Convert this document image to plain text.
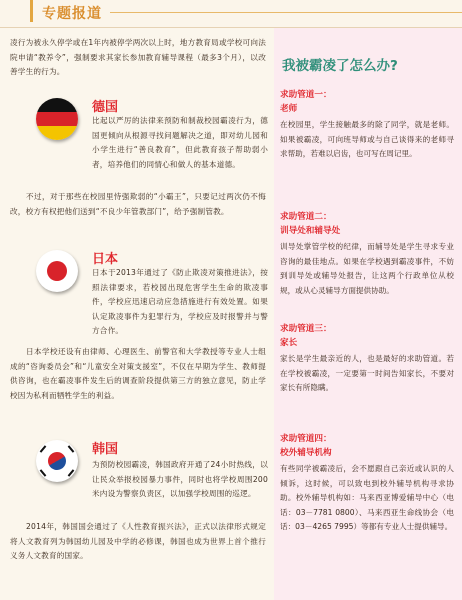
专题报道
凌行为被永久停学或在1年内被停学两次以上时，地方教育局或学校可向法院申请“教养令”，强制要求其家长参加教育辅导课程（最多3个月），以改善学生的行为。
德国
比起以严厉的法律来预防和制裁校园霸凌行为，德国更倾向从根源寻找问题解决之道，即对幼儿园和小学生进行“善良教育”，但此教育孩子帮助弱小者，培养他们的同情心和做人的基本道德。
不过，对于那些在校园里恃强欺弱的“小霸王”，只要记过两次仍不悔改，校方有权把他们送到“不良少年管教部门”，给予强制管教。
日本
日本于2013年通过了《防止欺凌对策推进法》，按照法律要求，若校园出现危害学生生命的欺凌事件，学校应迅速启动应急措施进行有效处置。如果认定欺凌事件为犯罪行为，学校应及时报警并与警方合作。
日本学校还设有由律师、心理医生、前警官和大学教授等专业人士组成的“咨询委员会”和“儿童安全对策支援室”，不仅在早期为学生、教师提供咨询，也在霸凌事件发生后的调查阶段提供第三方的独立意见，防止学校因为私利而牺牲学生的利益。
韩国
为预防校园霸凌，韩国政府开通了24小时热线，以让民众举报校园暴力事件，同时也将学校周围200米内设为警察负责区，以加强学校周围的巡逻。
2014年，韩国国会通过了《人性教育振兴法》，正式以法律形式规定将人文教育列为韩国幼儿园及中学的必修课，韩国也成为世界上首个推行义务人文教育的国家。
我被霸凌了怎么办?
求助管道一：
老师
在校园里，学生接触最多的除了同学，就是老师。如果被霸凌，可向班导师或与自己谈得来的老师寻求帮助，若难以启齿，也可写在周记里。
求助管道二：
训导处和辅导处
训导处掌管学校的纪律，而辅导处是学生寻求专业咨询的最佳地点。如果在学校遇到霸凌事件，不妨到训导处或辅导处报告，让这两个行政单位从校规，或从心灵辅导方面提供协助。
求助管道三：
家长
家长是学生最亲近的人，也是最好的求助管道。若在学校被霸凌，一定要第一时间告知家长，不要对家长有所隐瞒。
求助管道四：
校外辅导机构
有些同学被霸凌后，会不愿跟自己亲近或认识的人倾诉，这时候，可以致电到校外辅导机构寻求协助。校外辅导机构如：马来西亚博爱辅导中心（电话：03－7781 0800）、马来西亚生命线协会（电话：03－4265 7995）等都有专业人士提供辅导。
